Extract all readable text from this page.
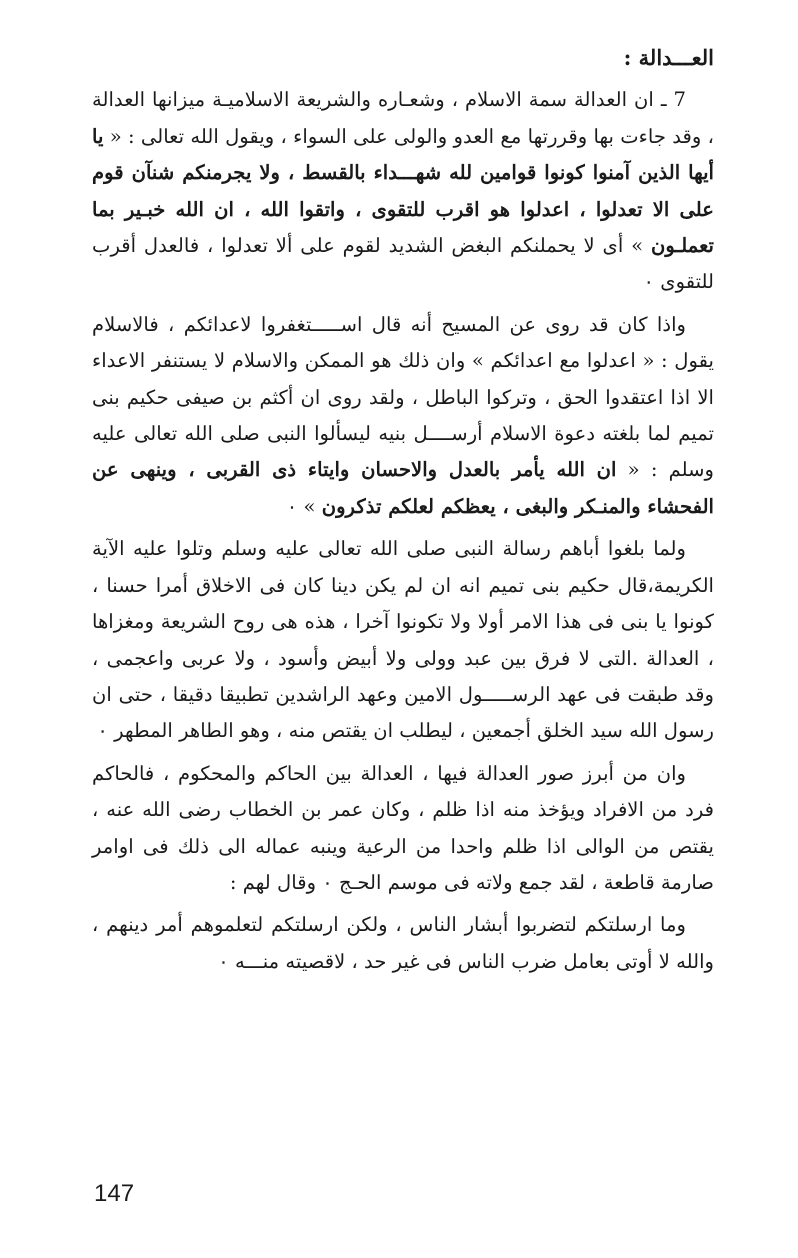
العـــدالة :

7 ـ ان العدالة سمة الاسلام ، وشعـاره والشريعة الاسلاميـة ميزانها العدالة ، وقد جاءت بها وقررتها مع العدو والولى على السواء ، ويقول الله تعالى : « يا أيها الذين آمنوا كونوا قوامين لله شهـــداء بالقسط ، ولا يجرمنكم شنآن قوم على الا تعدلوا ، اعدلوا هو اقرب للتقوى ، واتقوا الله ، ان الله خبـير بما تعملـون » أى لا يحملنكم البغض الشديد لقوم على ألا تعدلوا ، فالعدل أقرب للتقوى ٠

واذا كان قد روى عن المسيح أنه قال اســـــتغفروا لاعدائكم ، فالاسلام يقول : « اعدلوا مع اعدائكم » وان ذلك هو الممكن والاسلام لا يستنفر الاعداء الا اذا اعتقدوا الحق ، وتركوا الباطل ، ولقد روى ان أكثم بن صيفى حكيم بنى تميم لما بلغته دعوة الاسلام أرســــل بنيه ليسألوا النبى صلى الله تعالى عليه وسلم : « ان الله يأمر بالعدل والاحسان وايتاء ذى القربى ، وينهى عن الفحشاء والمنـكر والبغى ، يعظكم لعلكم تذكرون » ٠

ولما بلغوا أباهم رسالة النبى صلى الله تعالى عليه وسلم وتلوا عليه الآية الكريمة،قال حكيم بنى تميم انه ان لم يكن دينا كان فى الاخلاق أمرا حسنا ، كونوا يا بنى فى هذا الامر أولا ولا تكونوا آخرا ، هذه هى روح الشريعة ومغزاها ، العدالة .التى لا فرق بين عبد وولى ولا أبيض وأسود ، ولا عربى واعجمى ، وقد طبقت فى عهد الرســـــول الامين وعهد الراشدين تطبيقا دقيقا ، حتى ان رسول الله سيد الخلق أجمعين ، ليطلب ان يقتص منه ، وهو الطاهر المطهر ٠

وان من أبرز صور العدالة فيها ، العدالة بين الحاكم والمحكوم ، فالحاكم فرد من الافراد ويؤخذ منه اذا ظلم ، وكان عمر بن الخطاب رضى الله عنه ، يقتص من الوالى اذا ظلم واحدا من الرعية وينبه عماله الى ذلك فى اوامر صارمة قاطعة ، لقد جمع ولاته فى موسم الحـج ٠ وقال لهم :

وما ارسلتكم لتضربوا أبشار الناس ، ولكن ارسلتكم لتعلموهم أمر دينهم ، والله لا أوتى بعامل ضرب الناس فى غير حد ، لاقصيته منـــه ٠

147
